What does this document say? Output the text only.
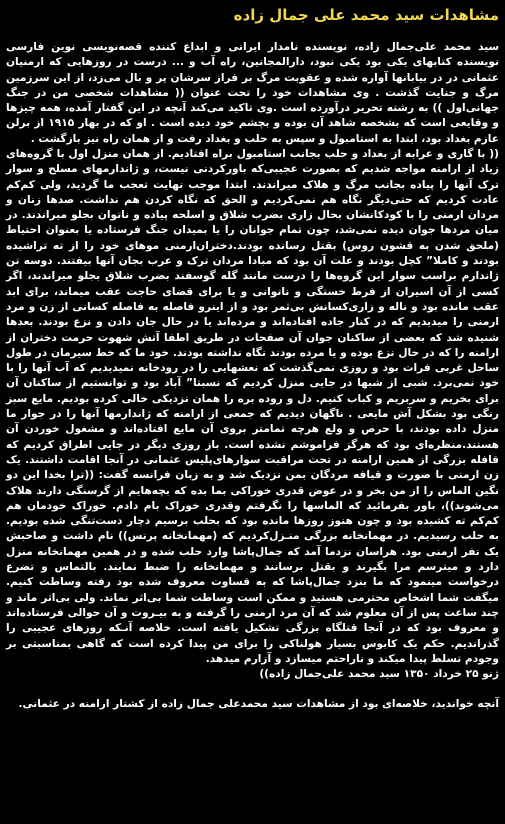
مشاهدات سید محمد علی جمال زاده

سید محمد علی‌جمال زاده، نویسنده نامدار ایرانی و ابداع کننده قصه‌نویسی نوین فارسی نویسنده کتابهای یکی بود یکی نبود، دارالمجانین، راه آب و ... درست در روزهایی که ارمنیان عثمانی در در بیابانها آواره شده و عقوبت مرگ بر فراز سرشان پر و بال می‌زد، از این سرزمین مرگ و جنایت گذشت . وی مشاهدات خود را تحت عنوان (( مشاهدات شخصی من در جنگ جهانی‌اول )) به رشته تحریر درآورده است .وی تاکید می‌کند آنچه در این گفتار آمده، همه چیزها و وقایعی است که بشخصه شاهد آن بوده و بچشم خود دیده است . او که در بهار ۱۹۱۵ از برلن عازم بغداد بود، ابتدا به استامبول و سپس به حلب و بغداد رفت و از همان راه نیز بازگشت .

(( با گاری و عرابه از بغداد و حلب بجانب استامبول براه افتادیم. از همان منزل اول با گروه‌های زیاد از ارامنه مواجه شدیم که بصورت عجیبی‌که باورکردنی نیست، و ژاندارمهای مسلح و سوار ترک آنها را پیاده بجانب مرگ و هلاک میراندند. ابتدا موجب نهایت تعجب ما گردید، ولی کم‌کم عادت کردیم که حتی‌دیگر نگاه هم نمی‌کردیم و الحق که نگاه کردن هم نداشت. صدها زنان و مردان ارمنی را با کودکانشان بحال زاری بضرب شلاق و اسلحه پیاده و ناتوان بجلو میراندند. در میان مردها جوان دیده نمی‌شد، چون تمام جوانان را یا بمیدان جنگ فرستاده یا بعنوان احتیاط (ملحق شدن به قشون روس) بقتل رسانده بودند.دختران‌ارمنی موهای خود را از ته تراشیده بودند و کاملا” کچل بودند و علت آن بود که مبادا مردان ترک و عرب بجان آنها بیفتند. دوسه تن ژاندارم براسب سوار این گروه‌ها را درست مانند گله گوسفند بضرب شلاق بجلو میراندند، اگر کسی از آن اسیران از فرط خستگی و ناتوانی و یا برای قضای حاجت عقب میماند، برای ابد عقب مانده بود و ناله و زاری‌کسانش بی‌ثمر بود و از اینرو فاصله به فاصله کسانی از زن و مرد ارمنی را میدیدیم که در کنار جاده افتاده‌اند و مرده‌اند یا در حال جان دادن و نزع بودند. بعدها شنیده شد که بعضی از ساکنان جوان آن صفحات در طریق اطفا آتش شهوت حرمت دختران از ارامنه را که در حال نزع بوده و یا مرده بودند نگاه نداشته بودند. خود ما که خط سیرمان در طول ساحل غربی فرات بود و روزی نمی‌گذشت که نعشهایی را در رودخانه نمیدیدیم که آب آنها را با خود نمی‌برد. شبی از شبها در جایی منزل کردیم که نسبتا” آباد بود و توانستیم از ساکنان آن برای بخریم و سربریم و کباب کنیم. دل و روده بره را همان نزدیکی خالی کرده بودیم. مایع سبز رنگی بود بشکل آش مایعی . ناگهان دیدیم که جمعی از ارامنه که ژاندارمها آنها را در جوار ما منزل داده بودند، با حرص و ولع هرچه تمامتر بروی آن مایع افتاده‌اند و مشغول خوردن آن هستند.منظره‌ای بود که هرگز فراموشم نشده است. باز روزی دیگر در جایی اطراق کردیم که قافله بزرگی از همین ارامنه در تحت مراقبت سوارهای‌پلیس عثمانی در آنجا اقامت داشتند. یک زن ارمنی با صورت و قیافه مردگان بمن نزدیک شد و به زبان فرانسه گفت: ((ترا بخدا این دو نگین الماس را از من بخر و در عوض قدری خوراکی بما بده که بچه‌هایم از گرسنگی دارند هلاک می‌شوند))، باور بفرمائید که الماسها را نگرفتم وقدری خوراک بام دادم. خوراک خودمان هم کم‌کم ته کشیده بود و چون هنوز روزها مانده بود که بحلب برسیم دچار دست‌تنگی شده بودیم. به حلب رسیدیم. در مهمانخانه بزرگی منـزل‌کردیم که (مهمانخانه پرنس)) نام داشت و صاحبش یک نفر ارمنی بود. هراسان نزدما آمد که جمال‌پاشا وارد حلب شده و در همین مهمانخانه منزل دارد و میترسم مرا بگیرند و بقتل برسانند و مهمانخانه را ضبط نمایند. بالتماس و تضرع درخواست مینمود که ما بنزد جمال‌پاشا که به قساوت معروف شده بود رفته وساطت کنیم. میگفت شما اشخاص محترمی هستید و ممکن است وساطت شما بی‌اثر نماند. ولی بی‌اثر ماند و چند ساعت پس از آن معلوم شد که آن مرد ارمنی را گرفته و به بیـروت و آن حوالی فرستاده‌اند و معروف بود که در آنجا قتلگاه بزرگی تشکیل یافته است. خلاصه آنـکه روزهای عجیبی را گذراندیم. حکم یک کابوس بسیار هولناکی را برای من پیدا کرده است که گاهی بمناسبتی بر وجودم تسلط پیدا میکند و ناراحتم میسازد و آزارم میدهد.

ژنو ۲۵ خرداد ۱۳۵۰ سید محمد علی‌جمال زاده))

آنچه خواندید، خلاصه‌ای بود از مشاهدات سید محمدعلی جمال زاده از کشتار ارامنه در عثمانی.
